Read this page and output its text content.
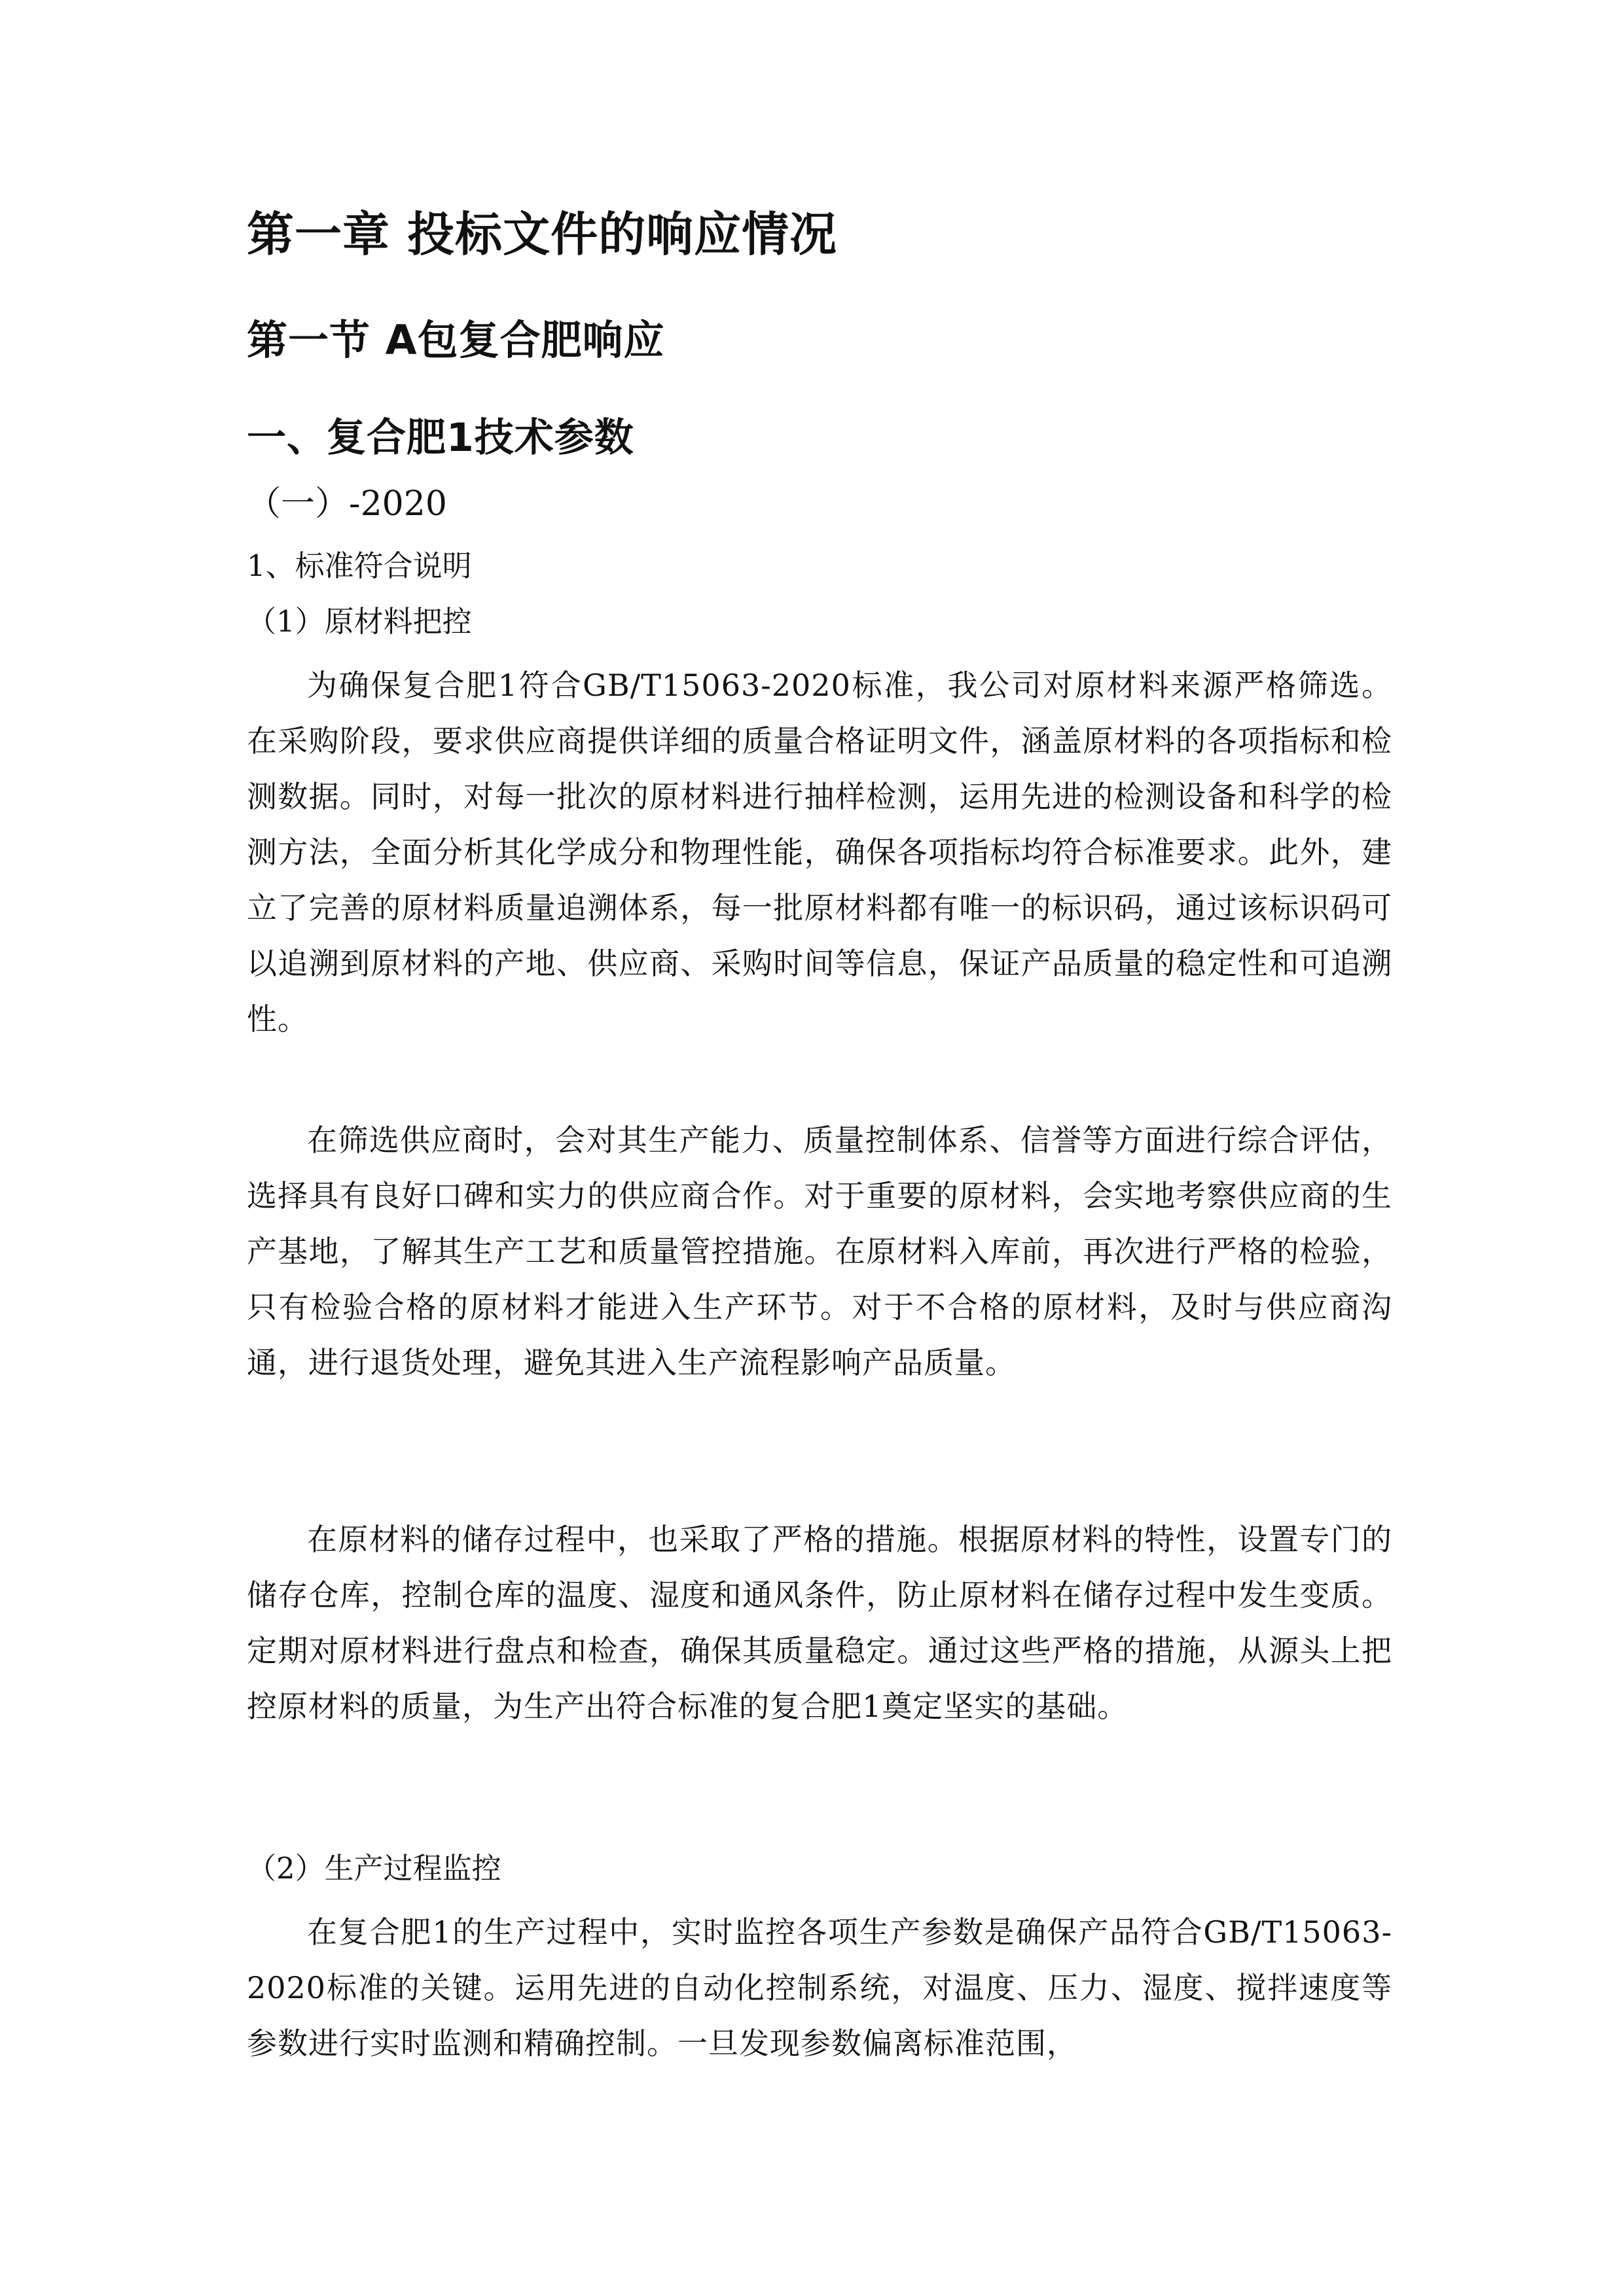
第一章 投标文件的响应情况
第一节 A包复合肥响应
一、复合肥1技术参数
（一）-2020
1、标准符合说明
（1）原材料把控

为确保复合肥1符合GB/T15063-2020标准，我公司对原材料来源严格筛选。在采购阶段，要求供应商提供详细的质量合格证明文件，涵盖原材料的各项指标和检测数据。同时，对每一批次的原材料进行抽样检测，运用先进的检测设备和科学的检测方法，全面分析其化学成分和物理性能，确保各项指标均符合标准要求。此外，建立了完善的原材料质量追溯体系，每一批原材料都有唯一的标识码，通过该标识码可以追溯到原材料的产地、供应商、采购时间等信息，保证产品质量的稳定性和可追溯性。

在筛选供应商时，会对其生产能力、质量控制体系、信誉等方面进行综合评估，选择具有良好口碑和实力的供应商合作。对于重要的原材料，会实地考察供应商的生产基地，了解其生产工艺和质量管控措施。在原材料入库前，再次进行严格的检验，只有检验合格的原材料才能进入生产环节。对于不合格的原材料，及时与供应商沟通，进行退货处理，避免其进入生产流程影响产品质量。

在原材料的储存过程中，也采取了严格的措施。根据原材料的特性，设置专门的储存仓库，控制仓库的温度、湿度和通风条件，防止原材料在储存过程中发生变质。定期对原材料进行盘点和检查，确保其质量稳定。通过这些严格的措施，从源头上把控原材料的质量，为生产出符合标准的复合肥1奠定坚实的基础。

（2）生产过程监控

在复合肥1的生产过程中，实时监控各项生产参数是确保产品符合GB/T15063-2020标准的关键。运用先进的自动化控制系统，对温度、压力、湿度、搅拌速度等参数进行实时监测和精确控制。一旦发现参数偏离标准范围，
